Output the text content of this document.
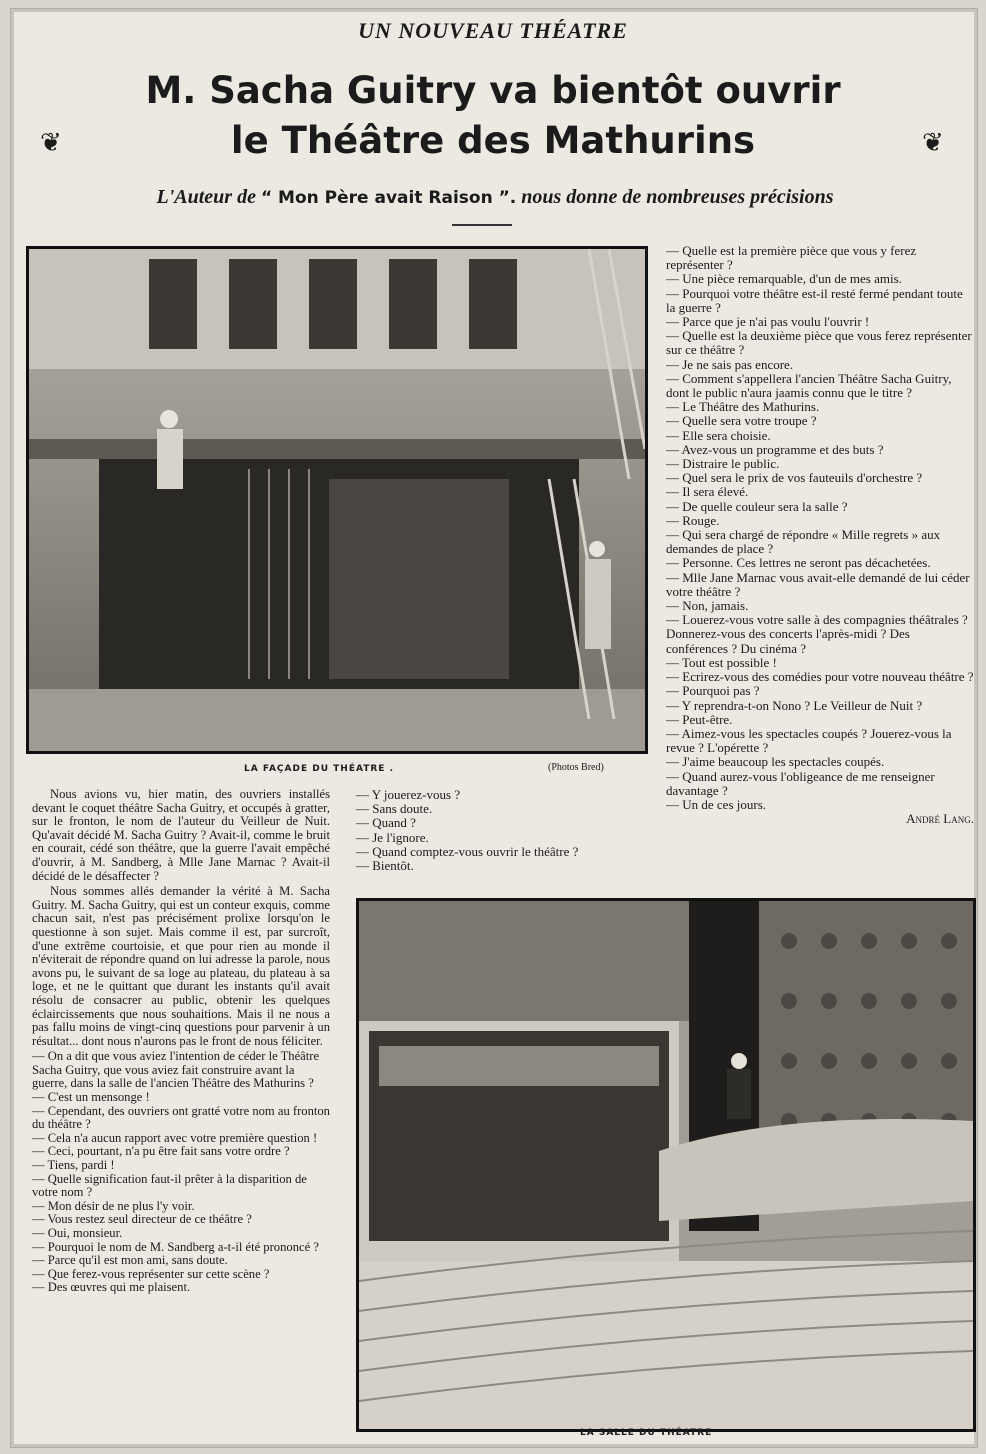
UN NOUVEAU THÉATRE
M. Sacha Guitry va bientôt ouvrir
le Théâtre des Mathurins
❦	❦
L'Auteur de “ Mon Père avait Raison ”. nous donne de nombreuses précisions
LA FAÇADE DU THÉATRE .	(Photos Bred)

— Quelle est la première pièce que vous y ferez représenter ?

— Une pièce remarquable, d'un de mes amis.

— Pourquoi votre théâtre est-il resté fermé pendant toute la guerre ?

— Parce que je n'ai pas voulu l'ouvrir !

— Quelle est la deuxième pièce que vous ferez représenter sur ce théâtre ?

— Je ne sais pas encore.

— Comment s'appellera l'ancien Théâtre Sacha Guitry, dont le public n'aura jaamis connu que le titre ?

— Le Théâtre des Mathurins.

— Quelle sera votre troupe ?

— Elle sera choisie.

— Avez-vous un programme et des buts ?

— Distraire le public.

— Quel sera le prix de vos fauteuils d'orchestre ?

— Il sera élevé.

— De quelle couleur sera la salle ?

— Rouge.

— Qui sera chargé de répondre « Mille regrets » aux demandes de place ?

— Personne. Ces lettres ne seront pas décachetées.

— Mlle Jane Marnac vous avait-elle demandé de lui céder votre théâtre ?

— Non, jamais.

— Louerez-vous votre salle à des compagnies théâtrales ? Donnerez-vous des concerts l'après-midi ? Des conférences ? Du cinéma ?

— Tout est possible !

— Ecrirez-vous des comédies pour votre nouveau théâtre ?

— Pourquoi pas ?

— Y reprendra-t-on Nono ? Le Veilleur de Nuit ?

— Peut-être.

— Aimez-vous les spectacles coupés ? Jouerez-vous la revue ? L'opérette ?

— J'aime beaucoup les spectacles coupés.

— Quand aurez-vous l'obligeance de me renseigner davantage ?

— Un de ces jours.

André Lang.

Nous avions vu, hier matin, des ouvriers installés devant le coquet théâtre Sacha Guitry, et occupés à gratter, sur le fronton, le nom de l'auteur du Veilleur de Nuit. Qu'avait décidé M. Sacha Guitry ? Avait-il, comme le bruit en courait, cédé son théâtre, que la guerre l'avait empêché d'ouvrir, à M. Sandberg, à Mlle Jane Marnac ? Avait-il décidé de le désaffecter ?

Nous sommes allés demander la vérité à M. Sacha Guitry. M. Sacha Guitry, qui est un conteur exquis, comme chacun sait, n'est pas précisément prolixe lorsqu'on le questionne à son sujet. Mais comme il est, par surcroît, d'une extrême courtoisie, et que pour rien au monde il n'éviterait de répondre quand on lui adresse la parole, nous avons pu, le suivant de sa loge au plateau, du plateau à sa loge, et ne le quittant que durant les instants qu'il avait résolu de consacrer au public, obtenir les quelques éclaircissements que nous souhaitions. Mais il ne nous a pas fallu moins de vingt-cinq questions pour parvenir à un résultat... dont nous n'aurons pas le front de nous féliciter.

— On a dit que vous aviez l'intention de céder le Théâtre Sacha Guitry, que vous aviez fait construire avant la guerre, dans la salle de l'ancien Théâtre des Mathurins ?

— C'est un mensonge !

— Cependant, des ouvriers ont gratté votre nom au fronton du théâtre ?

— Cela n'a aucun rapport avec votre première question !

— Ceci, pourtant, n'a pu être fait sans votre ordre ?

— Tiens, pardi !

— Quelle signification faut-il prêter à la disparition de votre nom ?

— Mon désir de ne plus l'y voir.

— Vous restez seul directeur de ce théâtre ?

— Oui, monsieur.

— Pourquoi le nom de M. Sandberg a-t-il été prononcé ?

— Parce qu'il est mon ami, sans doute.

— Que ferez-vous représenter sur cette scène ?

— Des œuvres qui me plaisent.

— Y jouerez-vous ?

— Sans doute.

— Quand ?

— Je l'ignore.

— Quand comptez-vous ouvrir le théâtre ?

— Bientôt.

LA SALLE DU THÉATRE
